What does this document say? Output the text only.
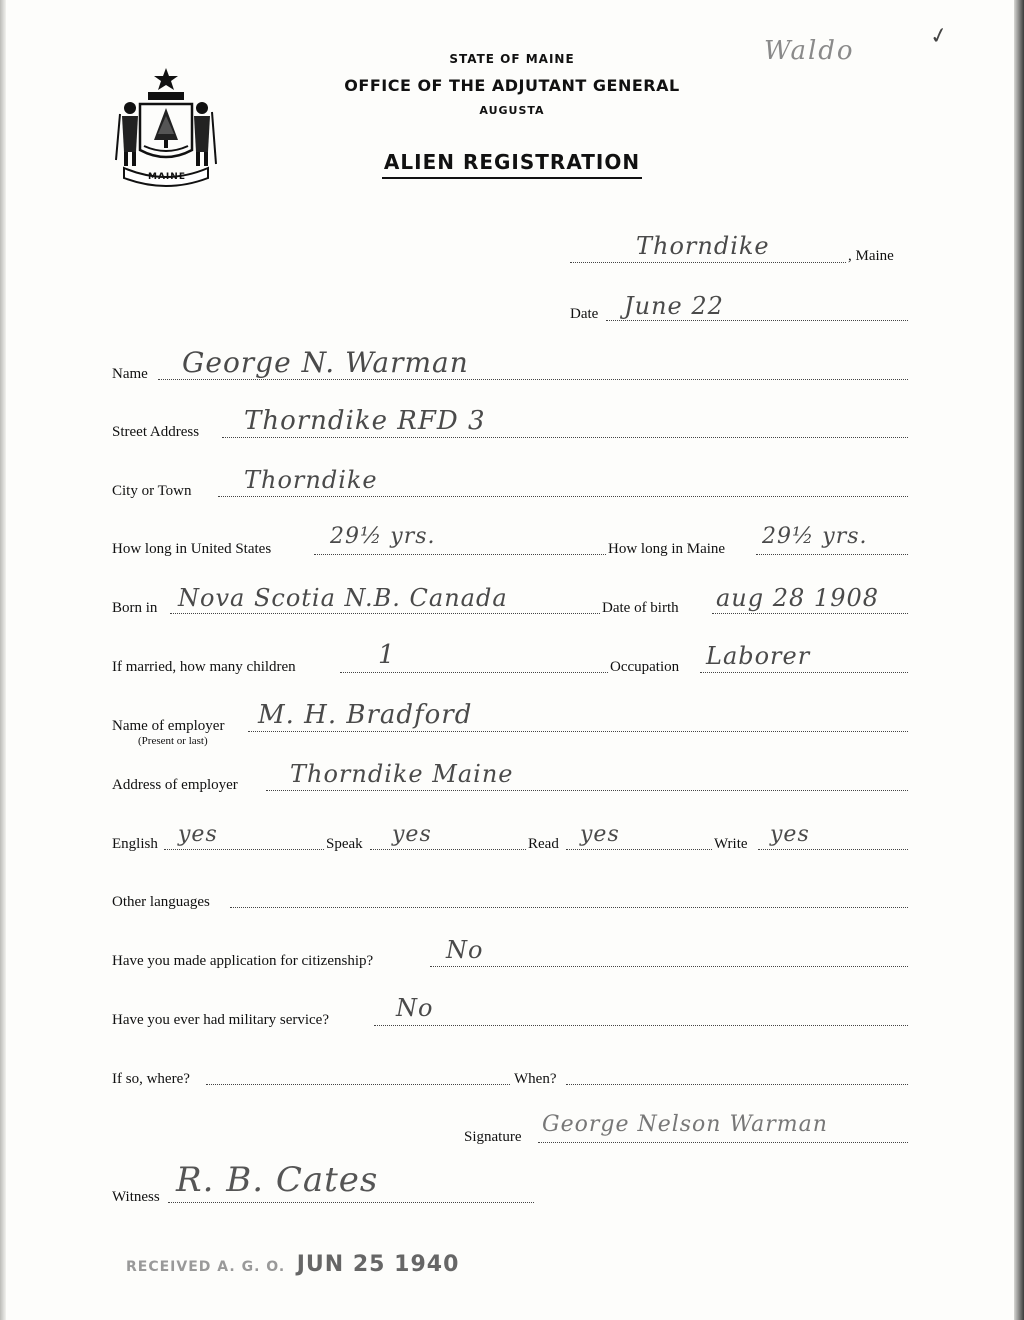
MAINE
STATE OF MAINE
OFFICE OF THE ADJUTANT GENERAL
AUGUSTA
ALIEN REGISTRATION
Waldo	✓
Thorndike	, Maine
Date June 22
Name George N. Warman
Street Address Thorndike RFD 3
City or Town Thorndike
How long in United States	29½ yrs.	How long in Maine 29½ yrs.
Born in Nova Scotia N.B. Canada	Date of birth aug 28 1908
If married, how many children	1	Occupation Laborer
Name of employer
(Present or last)
M. H. Bradford
Address of employer Thorndike Maine
English yes	Speak yes	Read yes	Write yes
Other languages
Have you made application for citizenship?	No
Have you ever had military service?	No
If so, where?	When?
Signature George Nelson Warman
Witness R. B. Cates
RECEIVED A. G. O. JUN 25 1940
